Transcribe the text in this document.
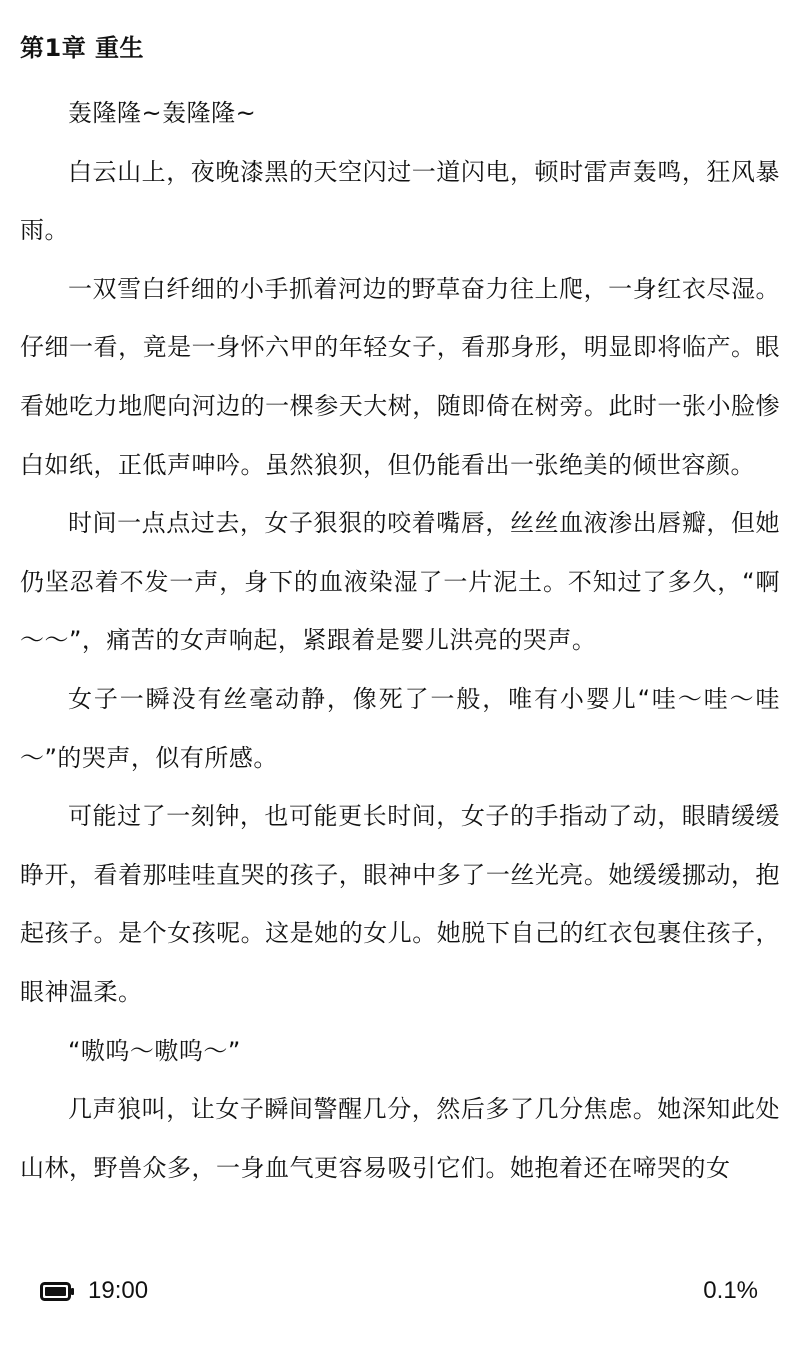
第1章 重生

轰隆隆~轰隆隆~

白云山上，夜晚漆黑的天空闪过一道闪电，顿时雷声轰鸣，狂风暴雨。

一双雪白纤细的小手抓着河边的野草奋力往上爬，一身红衣尽湿。仔细一看，竟是一身怀六甲的年轻女子，看那身形，明显即将临产。眼看她吃力地爬向河边的一棵参天大树，随即倚在树旁。此时一张小脸惨白如纸，正低声呻吟。虽然狼狈，但仍能看出一张绝美的倾世容颜。

时间一点点过去，女子狠狠的咬着嘴唇，丝丝血液渗出唇瓣，但她仍坚忍着不发一声，身下的血液染湿了一片泥土。不知过了多久，“啊～～”，痛苦的女声响起，紧跟着是婴儿洪亮的哭声。

女子一瞬没有丝毫动静，像死了一般，唯有小婴儿“哇～哇～哇～”的哭声，似有所感。

可能过了一刻钟，也可能更长时间，女子的手指动了动，眼睛缓缓睁开，看着那哇哇直哭的孩子，眼神中多了一丝光亮。她缓缓挪动，抱起孩子。是个女孩呢。这是她的女儿。她脱下自己的红衣包裹住孩子，眼神温柔。

“嗷呜～嗷呜～”

几声狼叫，让女子瞬间警醒几分，然后多了几分焦虑。她深知此处山林，野兽众多，一身血气更容易吸引它们。她抱着还在啼哭的女

19:00	0.1%
